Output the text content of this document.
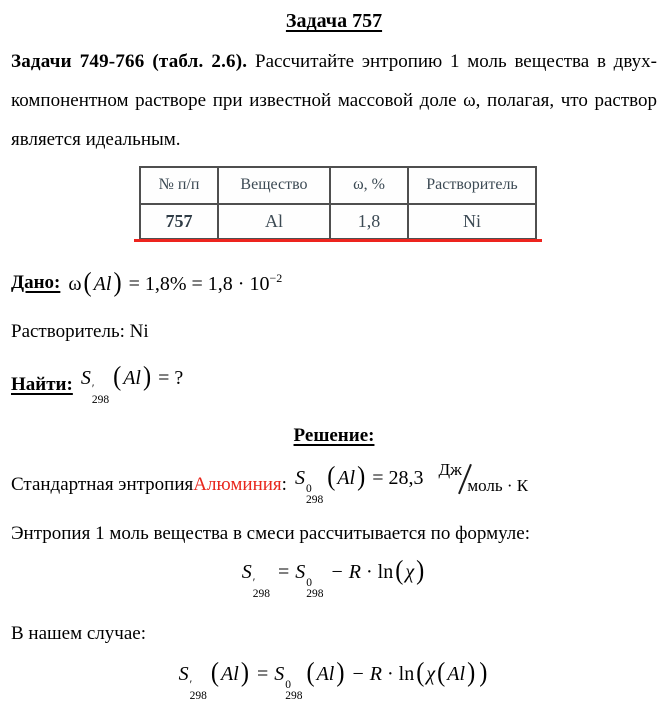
Задача 757

Задачи 749-766 (табл. 2.6). Рассчитайте энтропию 1 моль вещества в двухкомпонентном растворе при известной массовой доле ω, полагая, что раствор является идеальным.

№ п/п	Вещество	ω, %	Растворитель
757	Al	1,8	Ni
Дано: ω( $Al) = 1,8\% = 1,8 \cdot 10^{-2}$
Растворитель: Ni
Найти: S ′
298
( Al) = ?
Решение:
Стандартная энтропия Алюминия : S 0
298
( Al) = 28,3 Дж
моль · К
Энтропия 1 моль вещества в смеси рассчитывается по формуле:
S ′
298
= S 0
298
− R · ln( χ)
В нашем случае:
S ′
298
( Al) = S 0
298
( Al) − R · ln( χ( Al) )
